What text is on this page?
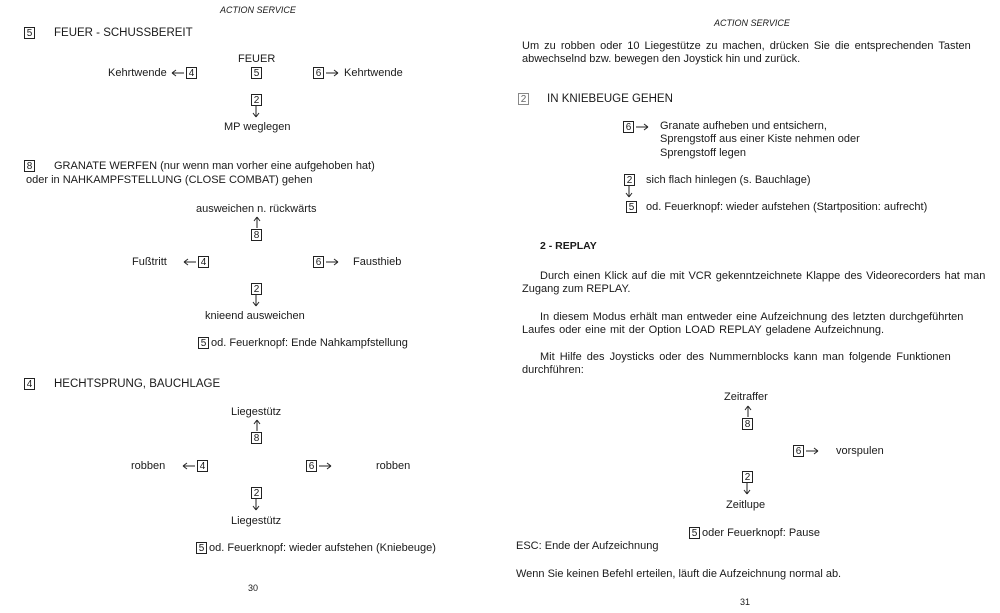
ACTION SERVICE
5 FEUER - SCHUSSBEREIT
FEUER
5
Kehrtwende 4	6 Kehrtwende
2
MP weglegen
8 GRANATE WERFEN (nur wenn man vorher eine aufgehoben hat)
oder in NAHKAMPFSTELLUNG (CLOSE COMBAT) gehen
ausweichen n. rückwärts
8
Fußtritt	4	6	Fausthieb
2
knieend ausweichen
5 od. Feuerknopf: Ende Nahkampfstellung
4 HECHTSPRUNG, BAUCHLAGE
Liegestütz
8
robben	4	6	robben
2
Liegestütz
5 od. Feuerknopf: wieder aufstehen (Kniebeuge)
30
ACTION SERVICE
Um zu robben oder 10 Liegestütze zu machen, drücken Sie die entsprechenden Tasten
abwechselnd bzw. bewegen den Joystick hin und zurück.
2 IN KNIEBEUGE GEHEN
6	Granate aufheben und entsichern,
Sprengstoff aus einer Kiste nehmen oder
Sprengstoff legen
2 sich flach hinlegen (s. Bauchlage)
5 od. Feuerknopf: wieder aufstehen (Startposition: aufrecht)
2 - REPLAY
Durch einen Klick auf die mit VCR gekenntzeichnete Klappe des Videorecorders hat man
Zugang zum REPLAY.
In diesem Modus erhält man entweder eine Aufzeichnung des letzten durchgeführten
Laufes oder eine mit der Option LOAD REPLAY geladene Aufzeichnung.
Mit Hilfe des Joysticks oder des Nummernblocks kann man folgende Funktionen
durchführen:
Zeitraffer
8
6	vorspulen
2
Zeitlupe
5 oder Feuerknopf: Pause
ESC: Ende der Aufzeichnung
Wenn Sie keinen Befehl erteilen, läuft die Aufzeichnung normal ab.
31
